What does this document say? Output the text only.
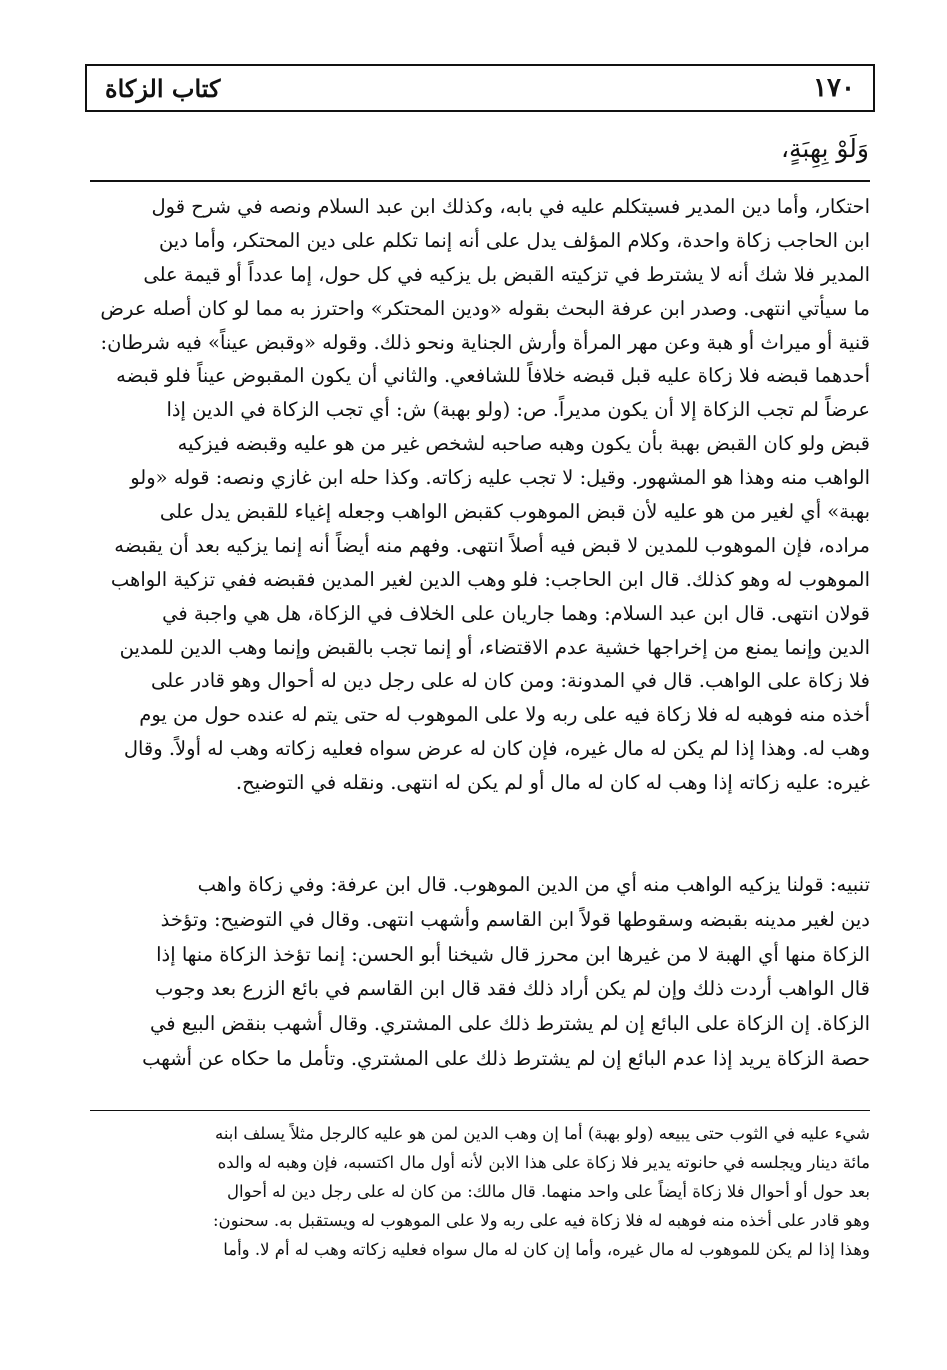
كتاب الزكاة	١٧٠
وَلَوْ بِهِبَةٍ،
احتكار، وأما دين المدير فسيتكلم عليه في بابه، وكذلك ابن عبد السلام ونصه في شرح قول
ابن الحاجب زكاة واحدة، وكلام المؤلف يدل على أنه إنما تكلم على دين المحتكر، وأما دين
المدير فلا شك أنه لا يشترط في تزكيته القبض بل يزكيه في كل حول، إما عدداً أو قيمة على
ما سيأتي انتهى. وصدر ابن عرفة البحث بقوله «ودين المحتكر» واحترز به مما لو كان أصله عرض
قنية أو ميراث أو هبة وعن مهر المرأة وأرش الجناية ونحو ذلك. وقوله «وقبض عيناً» فيه شرطان:
أحدهما قبضه فلا زكاة عليه قبل قبضه خلافاً للشافعي. والثاني أن يكون المقبوض عيناً فلو قبضه
عرضاً لم تجب الزكاة إلا أن يكون مديراً. ص: (ولو بهبة) ش: أي تجب الزكاة في الدين إذا
قبض ولو كان القبض بهبة بأن يكون وهبه صاحبه لشخص غير من هو عليه وقبضه فيزكيه
الواهب منه وهذا هو المشهور. وقيل: لا تجب عليه زكاته. وكذا حله ابن غازي ونصه: قوله «ولو
بهبة» أي لغير من هو عليه لأن قبض الموهوب كقبض الواهب وجعله إغياء للقبض يدل على
مراده، فإن الموهوب للمدين لا قبض فيه أصلاً انتهى. وفهم منه أيضاً أنه إنما يزكيه بعد أن يقبضه
الموهوب له وهو كذلك. قال ابن الحاجب: فلو وهب الدين لغير المدين فقبضه ففي تزكية الواهب
قولان انتهى. قال ابن عبد السلام: وهما جاريان على الخلاف في الزكاة، هل هي واجبة في
الدين وإنما يمنع من إخراجها خشية عدم الاقتضاء، أو إنما تجب بالقبض وإنما وهب الدين للمدين
فلا زكاة على الواهب. قال في المدونة: ومن كان له على رجل دين له أحوال وهو قادر على
أخذه منه فوهبه له فلا زكاة فيه على ربه ولا على الموهوب له حتى يتم له عنده حول من يوم
وهب له. وهذا إذا لم يكن له مال غيره، فإن كان له عرض سواه فعليه زكاته وهب له أولاً. وقال
غيره: عليه زكاته إذا وهب له كان له مال أو لم يكن له انتهى. ونقله في التوضيح.
تنبيه: قولنا يزكيه الواهب منه أي من الدين الموهوب. قال ابن عرفة: وفي زكاة واهب
دين لغير مدينه بقبضه وسقوطها قولاً ابن القاسم وأشهب انتهى. وقال في التوضيح: وتؤخذ
الزكاة منها أي الهبة لا من غيرها ابن محرز قال شيخنا أبو الحسن: إنما تؤخذ الزكاة منها إذا
قال الواهب أردت ذلك وإن لم يكن أراد ذلك فقد قال ابن القاسم في بائع الزرع بعد وجوب
الزكاة. إن الزكاة على البائع إن لم يشترط ذلك على المشتري. وقال أشهب بنقض البيع في
حصة الزكاة يريد إذا عدم البائع إن لم يشترط ذلك على المشتري. وتأمل ما حكاه عن أشهب
شيء عليه في الثوب حتى يبيعه (ولو بهبة) أما إن وهب الدين لمن هو عليه كالرجل مثلاً يسلف ابنه
مائة دينار ويجلسه في حانوته يدير فلا زكاة على هذا الابن لأنه أول مال اكتسبه، فإن وهبه له والده
بعد حول أو أحوال فلا زكاة أيضاً على واحد منهما. قال مالك: من كان له على رجل دين له أحوال
وهو قادر على أخذه منه فوهبه له فلا زكاة فيه على ربه ولا على الموهوب له ويستقبل به. سحنون:
وهذا إذا لم يكن للموهوب له مال غيره، وأما إن كان له مال سواه فعليه زكاته وهب له أم لا. وأما
